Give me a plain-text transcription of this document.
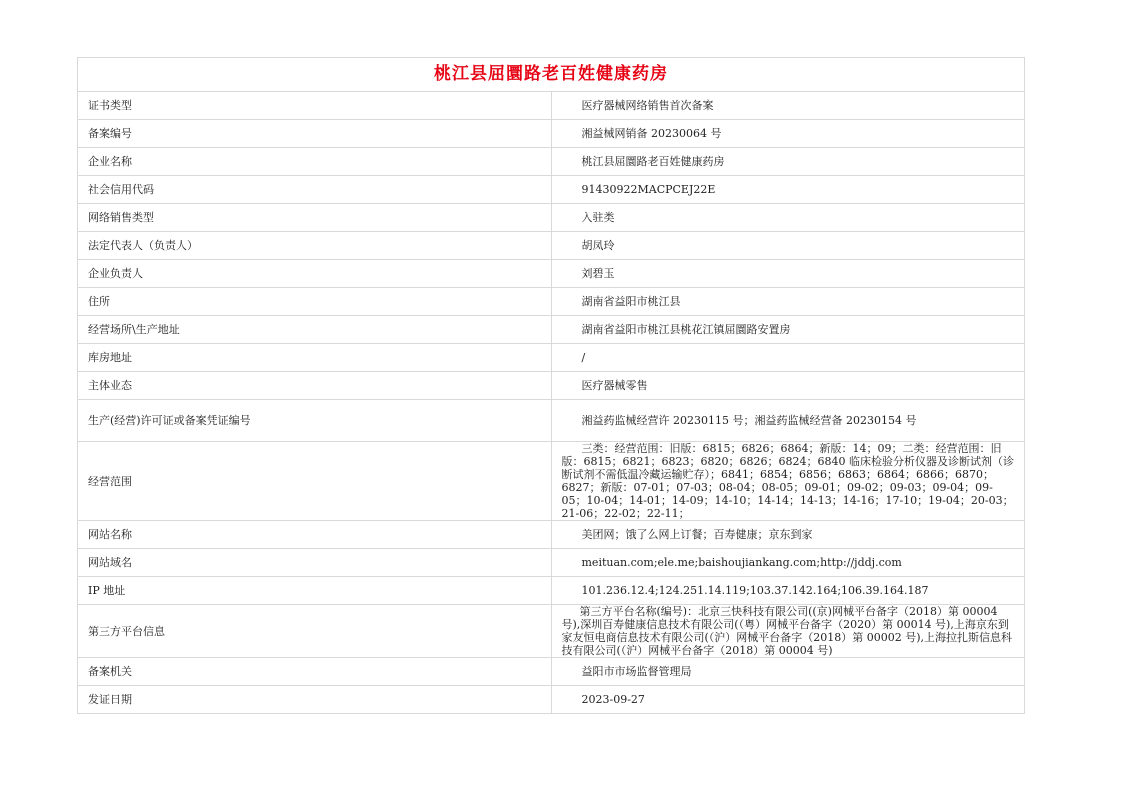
桃江县屈圜路老百姓健康药房	
证书类型	医疗器械网络销售首次备案
备案编号	湘益械网销备 20230064 号
企业名称	桃江县屈圜路老百姓健康药房
社会信用代码	91430922MACPCEJ22E
网络销售类型	入驻类
法定代表人（负责人）	胡凤玲
企业负责人	刘碧玉
住所	湖南省益阳市桃江县
经营场所\生产地址	湖南省益阳市桃江县桃花江镇屈圜路安置房
库房地址	/
主体业态	医疗器械零售
生产(经营)许可证或备案凭证编号	湘益药监械经营许 20230115 号；湘益药监械经营备 20230154 号
经营范围	三类：经营范围：旧版：6815；6826；6864；新版：14；09；二类：经营范围：旧版：6815；6821；6823；6820；6826；6824；6840 临床检验分析仪器及诊断试剂（诊断试剂不需低温冷藏运输贮存）；6841；6854；6856；6863；6864；6866；6870；6827；新版：07-01；07-03；08-04；08-05；09-01；09-02；09-03；09-04；09-05；10-04；14-01；14-09；14-10；14-14；14-13；14-16；17-10；19-04；20-03；21-06；22-02；22-11；
网站名称	美团网；饿了么网上订餐；百寿健康；京东到家
网站域名	meituan.com;ele.me;baishoujiankang.com;http://jddj.com
IP 地址	101.236.12.4;124.251.14.119;103.37.142.164;106.39.164.187
第三方平台信息	第三方平台名称(编号)：北京三快科技有限公司((京)网械平台备字（2018）第 00004 号),深圳百寿健康信息技术有限公司(（粤）网械平台备字（2020）第 00014 号),上海京东到家友恒电商信息技术有限公司(（沪）网械平台备字（2018）第 00002 号),上海拉扎斯信息科技有限公司(（沪）网械平台备字（2018）第 00004 号)
备案机关	益阳市市场监督管理局
发证日期	2023-09-27
